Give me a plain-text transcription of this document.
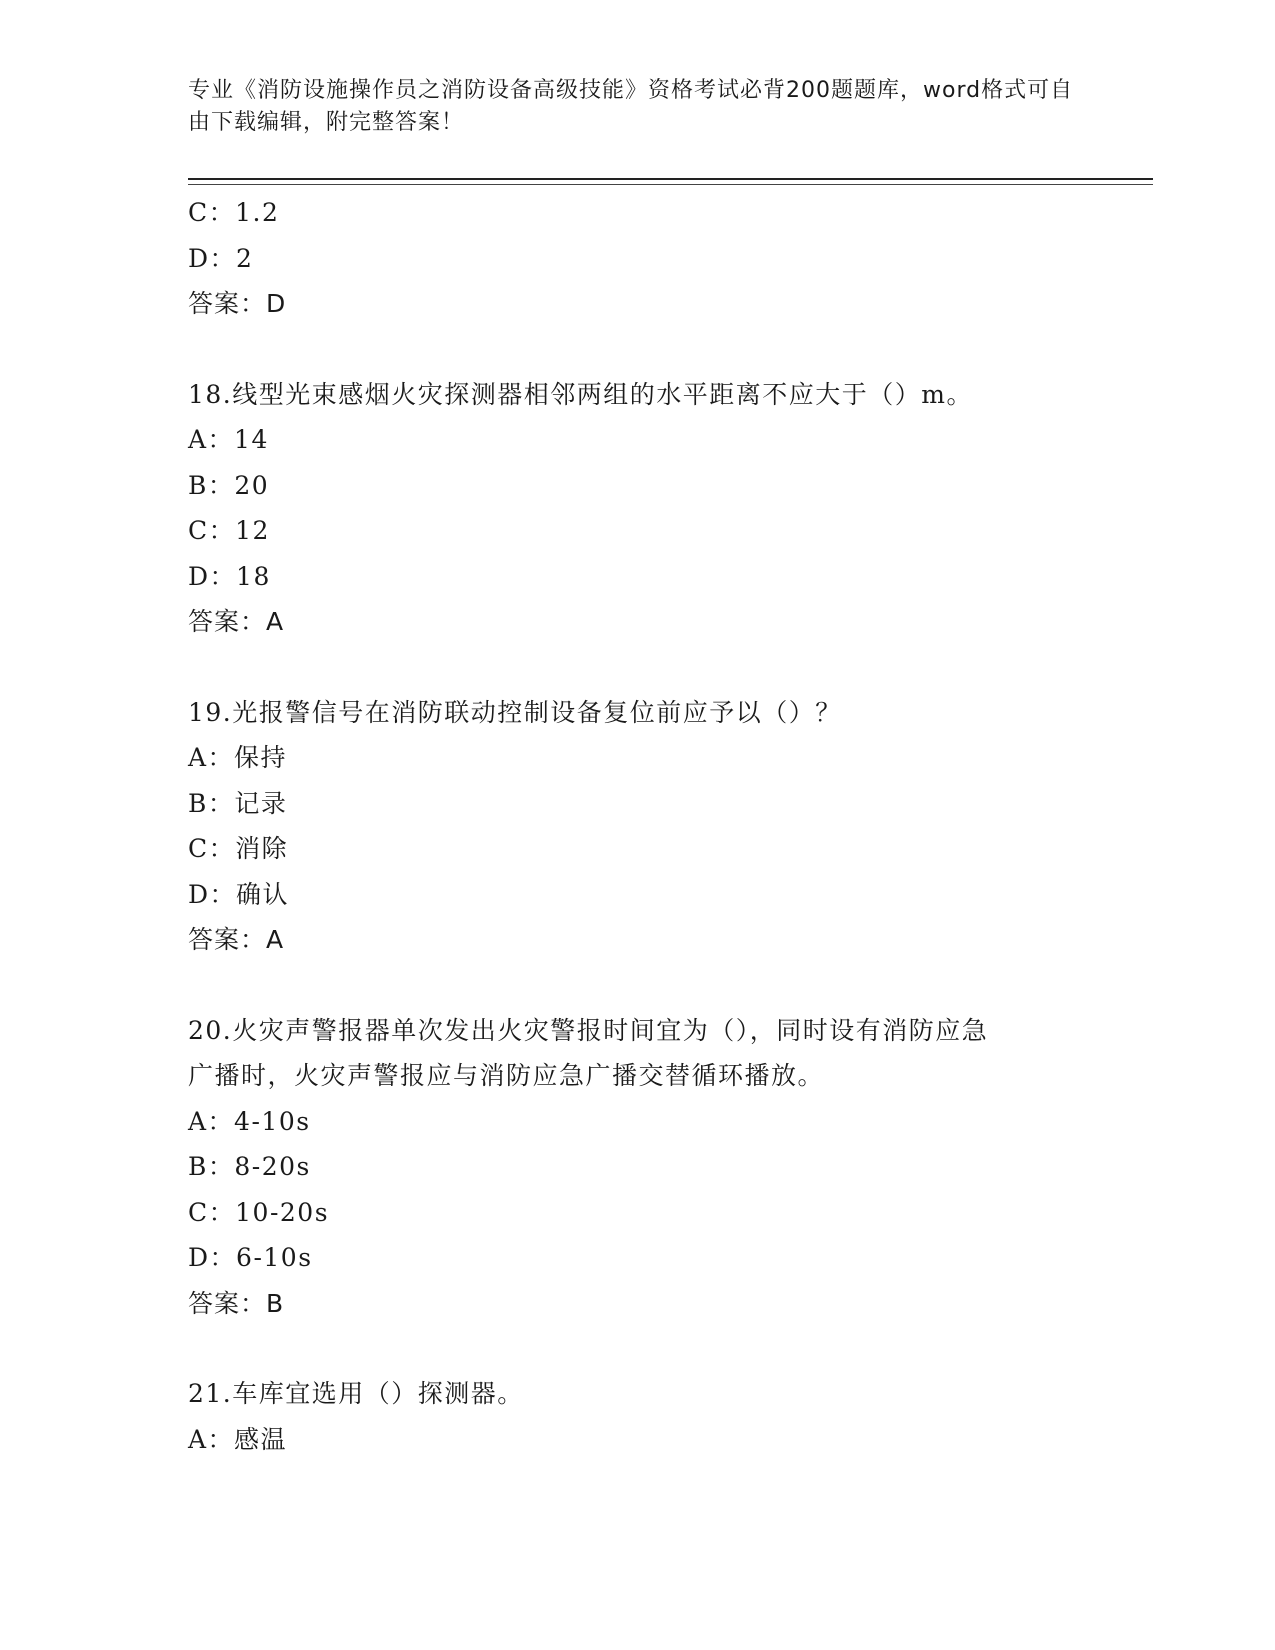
专业《消防设施操作员之消防设备高级技能》资格考试必背200题题库，word格式可自由下载编辑，附完整答案！
C：1.2
D：2
答案：D
18.线型光束感烟火灾探测器相邻两组的水平距离不应大于（）m。
A：14
B：20
C：12
D：18
答案：A
19.光报警信号在消防联动控制设备复位前应予以（）？
A：保持
B：记录
C：消除
D：确认
答案：A
20.火灾声警报器单次发出火灾警报时间宜为（），同时设有消防应急
广播时，火灾声警报应与消防应急广播交替循环播放。
A：4-10s
B：8-20s
C：10-20s
D：6-10s
答案：B
21.车库宜选用（）探测器。
A：感温
